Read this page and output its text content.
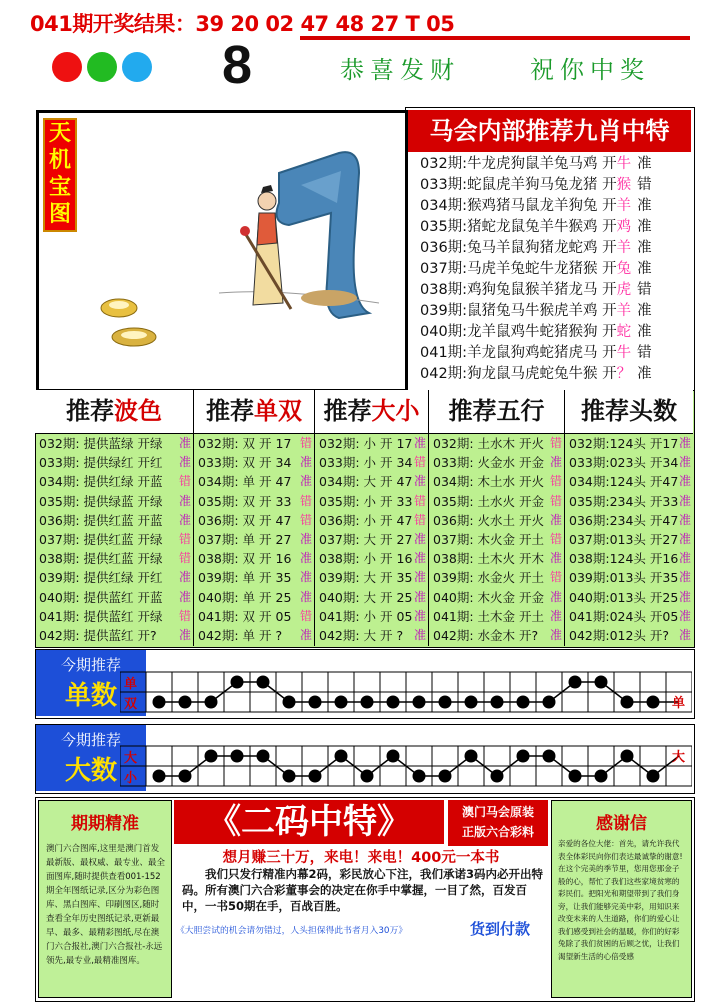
041期开奖结果：39 20 02 47 48 27 T 05
8	恭喜发财	祝你中奖
天
机
宝
图
马会内部推荐九肖中特
032期:牛龙虎狗鼠羊兔马鸡 开牛 准
033期:蛇鼠虎羊狗马兔龙猪 开猴 错
034期:猴鸡猪马鼠龙羊狗兔 开羊 准
035期:猪蛇龙鼠兔羊牛猴鸡 开鸡 准
036期:兔马羊鼠狗猪龙蛇鸡 开羊 准
037期:马虎羊兔蛇牛龙猪猴 开兔 准
038期:鸡狗兔鼠猴羊猪龙马 开虎 错
039期:鼠猪兔马牛猴虎羊鸡 开羊 准
040期:龙羊鼠鸡牛蛇猪猴狗 开蛇 准
041期:羊龙鼠狗鸡蛇猪虎马 开牛 错
042期:狗龙鼠马虎蛇兔牛猴 开？ 准
推荐波色
032期: 提供蓝绿 开绿 准
033期: 提供绿红 开红 准
034期: 提供红绿 开蓝 错
035期: 提供绿蓝 开绿 准
036期: 提供红蓝 开蓝 准
037期: 提供红蓝 开绿 错
038期: 提供红蓝 开绿 错
039期: 提供红绿 开红 准
040期: 提供蓝红 开蓝 准
041期: 提供蓝红 开绿 错
042期: 提供蓝红 开? 准
推荐单双
032期: 双 开 17 错
033期: 双 开 34 准
034期: 单 开 47 准
035期: 双 开 33 错
036期: 双 开 47 错
037期: 单 开 27 准
038期: 双 开 16 准
039期: 单 开 35 准
040期: 单 开 25 准
041期: 双 开 05 错
042期: 单 开 ? 准
推荐大小
032期: 小 开 17 准
033期: 小 开 34 错
034期: 大 开 47 准
035期: 小 开 33 错
036期: 小 开 47 错
037期: 大 开 27 准
038期: 小 开 16 准
039期: 大 开 35 准
040期: 大 开 25 准
041期: 小 开 05 准
042期: 大 开 ? 准
推荐五行
032期: 土水木 开火 错
033期: 火金水 开金 准
034期: 木土水 开火 错
035期: 土水火 开金 错
036期: 火水土 开火 准
037期: 木火金 开土 错
038期: 土木火 开木 准
039期: 水金火 开土 错
040期: 木火金 开金 准
041期: 土木金 开土 准
042期: 水金木 开? 准
推荐头数
032期:124头 开17 准
033期:023头 开34 准
034期:124头 开47 准
035期:234头 开33 准
036期:234头 开47 准
037期:013头 开27 准
038期:124头 开16 准
039期:013头 开35 准
040期:013头 开25 准
041期:024头 开05 准
042期:012头 开? 准
今期推荐
单数 单
双	单
今期推荐
大数 大
小
大
期期精准
澳门六合图库,这里是澳门首发最新版、最权威、最专业、最全面图库,随时提供查看001-152期全年图纸记录,区分为彩色图库、黑白图库、印刷图区,随时查看全年历史图纸记录,更新最早、最多、最精彩图纸,尽在澳门六合报社,澳门六合报社-永远领先,最专业,最精准图库。
《二码中特》	澳门马会原装
正版六合彩料
想月赚三十万，来电！来电！400元一本书
我们只发行精准内幕2码，彩民放心下注，我们承诺3码内必开出特码。所有澳门六合彩董事会的决定在你手中掌握，一目了然，百发百中，一书50期在手，百战百胜。
《大胆尝试的机会请勿错过，人头担保得此书者月入30万》	货到付款
感谢信
亲爱的各位大佬：首先，请允许我代表全体彩民向你们表达最诚挚的谢意!在这个完美的季节里，您用您那金子般的心，帮忙了我们这些家境贫寒的彩民们。把阳光和期望带到了我们身旁，让我们能够完美中彩，用知识来改变未来的人生道路，你们的爱心让我们感受到社会的温暖，你们的好彩兔除了我们贫困的后顾之忧，让我们渴望新生活的心倍受感
